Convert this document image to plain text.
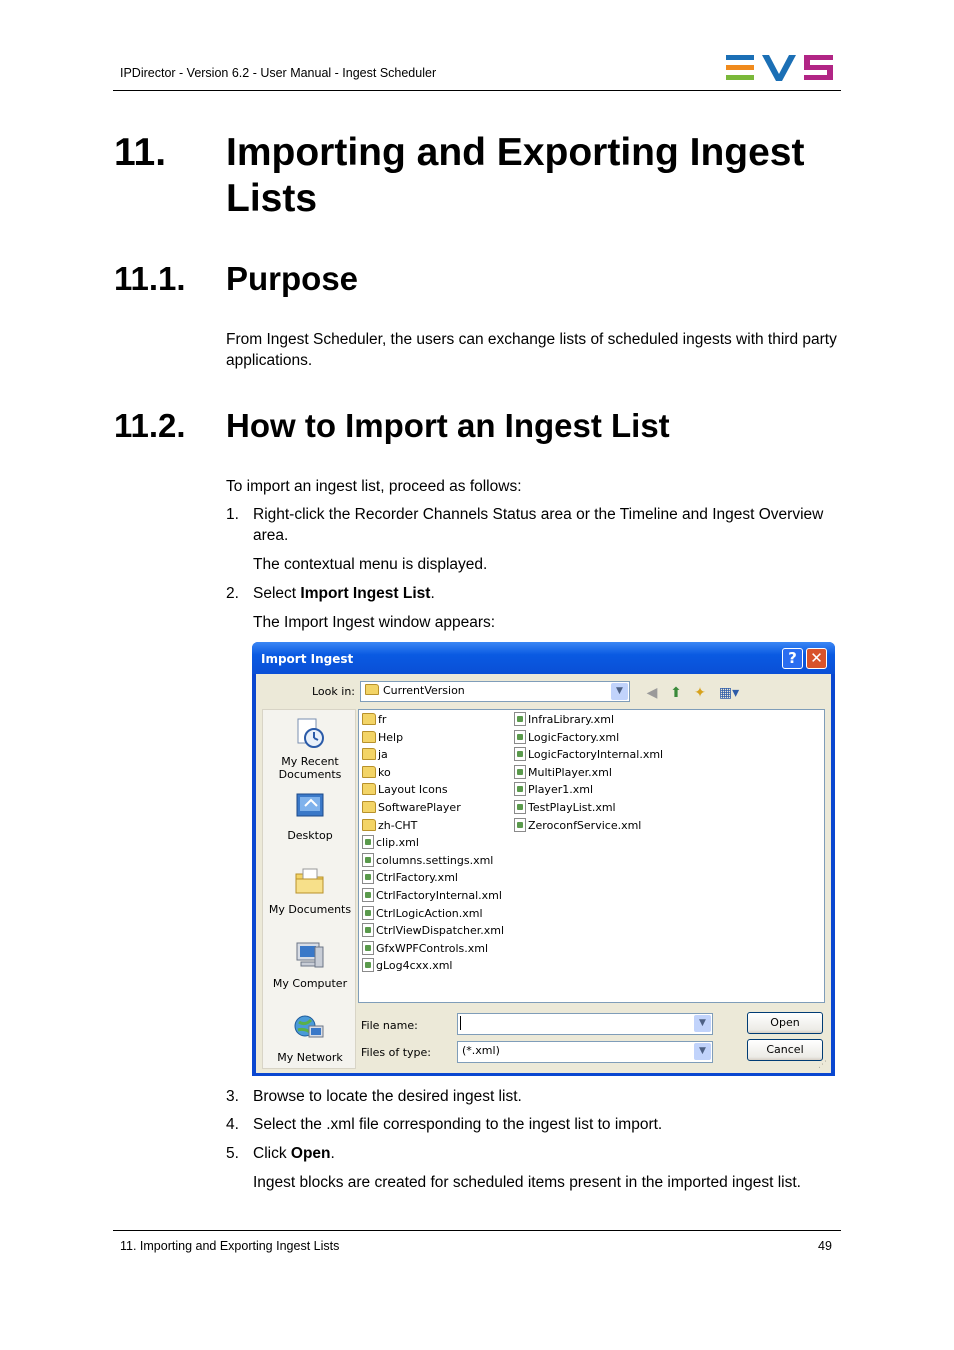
IPDirector - Version 6.2 - User Manual - Ingest Scheduler
11. Importing and Exporting Ingest Lists
11.1. Purpose
From Ingest Scheduler, the users can exchange lists of scheduled ingests with third party applications.
11.2. How to Import an Ingest List
To import an ingest list, proceed as follows:
1. Right-click the Recorder Channels Status area or the Timeline and Ingest Overview area.
The contextual menu is displayed.
2. Select Import Ingest List.
The Import Ingest window appears:
Import Ingest	? ✕
Look in:	CurrentVersion	▼	◀ ⬆ ✦ ▦▾
My Recent Documents
Desktop
My Documents
My Computer
My Network
fr
Help
ja
ko
Layout Icons
SoftwarePlayer
zh-CHT
clip.xml
columns.settings.xml
CtrlFactory.xml
CtrlFactoryInternal.xml
CtrlLogicAction.xml
CtrlViewDispatcher.xml
GfxWPFControls.xml
gLog4cxx.xml
InfraLibrary.xml
LogicFactory.xml
LogicFactoryInternal.xml
MultiPlayer.xml
Player1.xml
TestPlayList.xml
ZeroconfService.xml
File name:	▼
Files of type:	(*.xml)	▼
Open
Cancel
⋰
3. Browse to locate the desired ingest list.
4. Select the .xml file corresponding to the ingest list to import.
5. Click Open.
Ingest blocks are created for scheduled items present in the imported ingest list.
11. Importing and Exporting Ingest Lists	49
